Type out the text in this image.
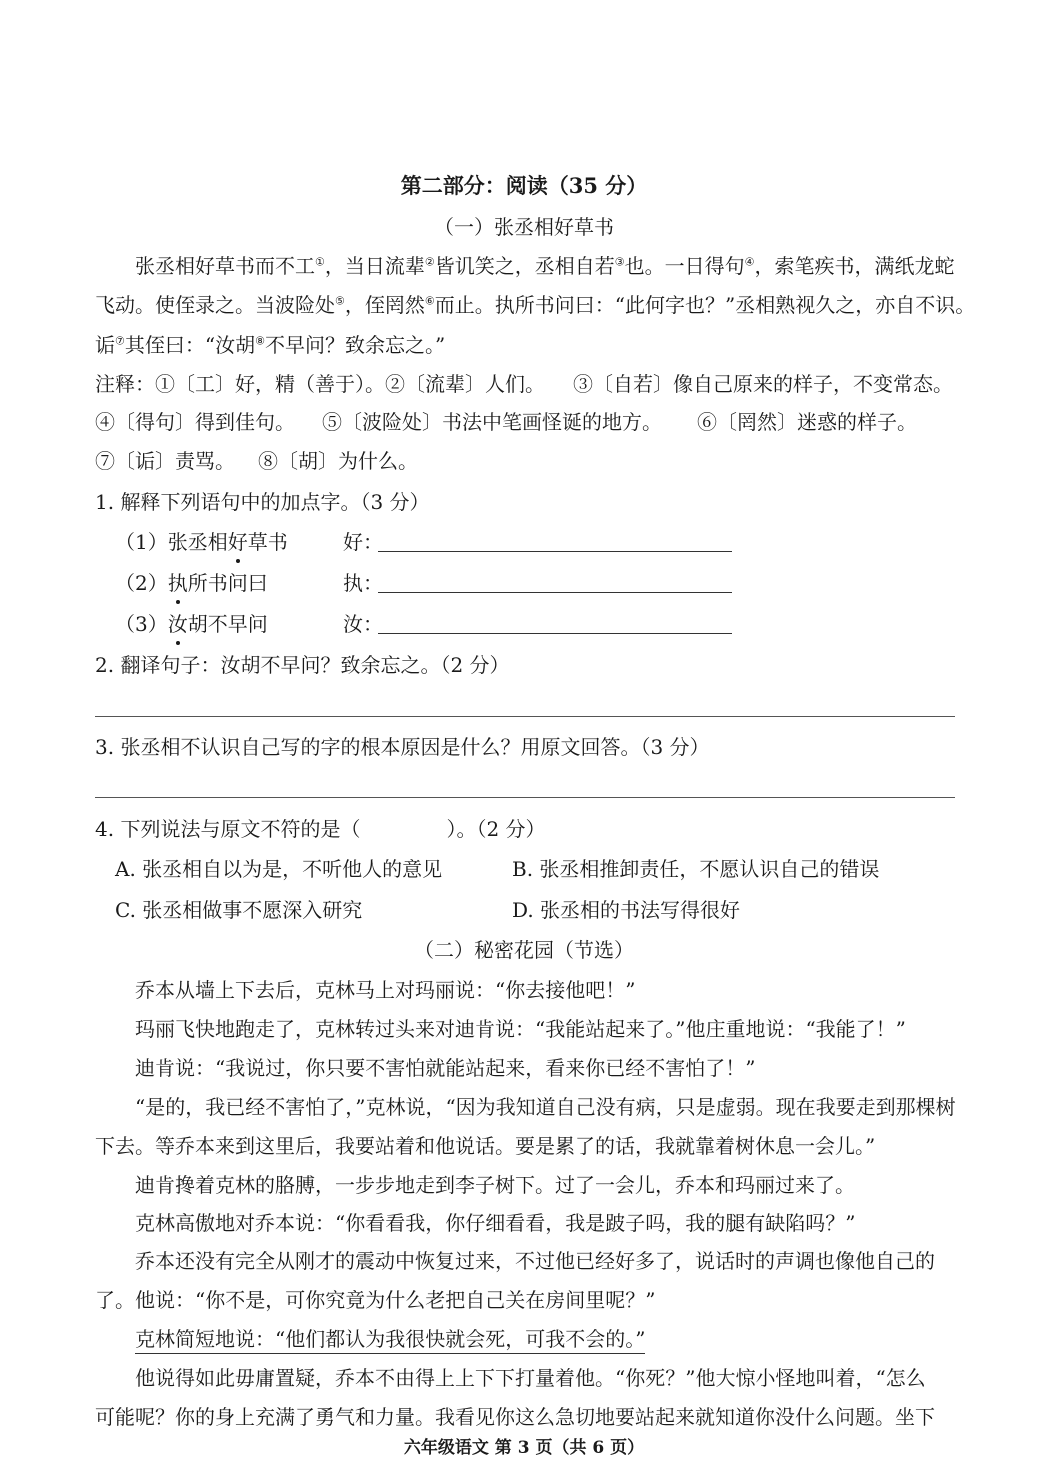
第二部分：阅读（35 分）
（一）张丞相好草书
张丞相好草书而不工①，当日流辈②皆讥笑之，丞相自若③也。一日得句④，索笔疾书，满纸龙蛇
飞动。使侄录之。当波险处⑤，侄罔然⑥而止。执所书问曰：“此何字也？”丞相熟视久之，亦自不识。
诟⑦其侄曰：“汝胡⑧不早问？致余忘之。”
注释：①〔工〕好，精（善于）。 ②〔流辈〕人们。 ③〔自若〕像自己原来的样子，不变常态。
④〔得句〕得到佳句。 ⑤〔波险处〕书法中笔画怪诞的地方。 ⑥〔罔然〕迷惑的样子。
⑦〔诟〕责骂。 ⑧〔胡〕为什么。
1. 解释下列语句中的加点字。（3 分）
（1）张丞相好草书	好：
（2）执所书问曰	执：
（3）汝胡不早问	汝：
2. 翻译句子：汝胡不早问？致余忘之。（2 分）
3. 张丞相不认识自己写的字的根本原因是什么？用原文回答。（3 分）
4. 下列说法与原文不符的是（	）。（2 分）
A. 张丞相自以为是，不听他人的意见	B. 张丞相推卸责任，不愿认识自己的错误
C. 张丞相做事不愿深入研究	D. 张丞相的书法写得很好
（二）秘密花园（节选）
乔本从墙上下去后，克林马上对玛丽说：“你去接他吧！”
玛丽飞快地跑走了，克林转过头来对迪肯说：“我能站起来了。”他庄重地说：“我能了！”
迪肯说：“我说过，你只要不害怕就能站起来，看来你已经不害怕了！”
“是的，我已经不害怕了，”克林说，“因为我知道自己没有病，只是虚弱。现在我要走到那棵树
下去。等乔本来到这里后，我要站着和他说话。要是累了的话，我就靠着树休息一会儿。”
迪肯搀着克林的胳膊，一步步地走到李子树下。过了一会儿，乔本和玛丽过来了。
克林高傲地对乔本说：“你看看我，你仔细看看，我是跛子吗，我的腿有缺陷吗？”
乔本还没有完全从刚才的震动中恢复过来，不过他已经好多了，说话时的声调也像他自己的
了。他说：“你不是，可你究竟为什么老把自己关在房间里呢？”
克林简短地说：“他们都认为我很快就会死，可我不会的。”
他说得如此毋庸置疑，乔本不由得上上下下打量着他。“你死？”他大惊小怪地叫着，“怎么
可能呢？你的身上充满了勇气和力量。我看见你这么急切地要站起来就知道你没什么问题。坐下
六年级语文 第 3 页（共 6 页）
